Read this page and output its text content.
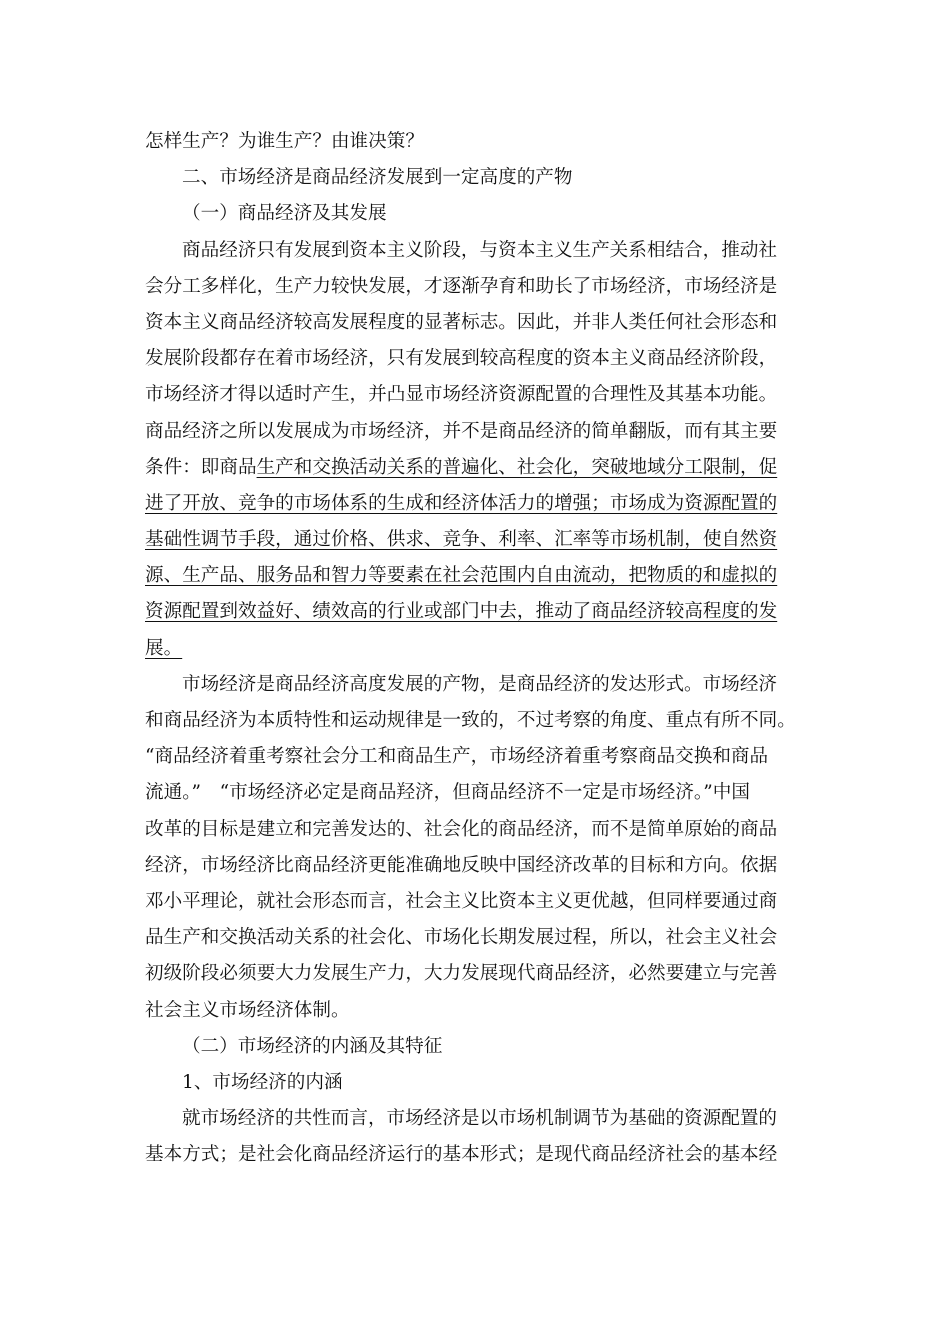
怎样生产？为谁生产？由谁决策？
二、市场经济是商品经济发展到一定高度的产物
（一）商品经济及其发展
商品经济只有发展到资本主义阶段，与资本主义生产关系相结合，推动社
会分工多样化，生产力较快发展，才逐渐孕育和助长了市场经济，市场经济是
资本主义商品经济较高发展程度的显著标志。因此，并非人类任何社会形态和
发展阶段都存在着市场经济，只有发展到较高程度的资本主义商品经济阶段，
市场经济才得以适时产生，并凸显市场经济资源配置的合理性及其基本功能。
商品经济之所以发展成为市场经济，并不是商品经济的简单翻版，而有其主要
条件：即商品生产和交换活动关系的普遍化、社会化，突破地域分工限制，促
进了开放、竞争的市场体系的生成和经济体活力的增强；市场成为资源配置的
基础性调节手段，通过价格、供求、竞争、利率、汇率等市场机制，使自然资
源、生产品、服务品和智力等要素在社会范围内自由流动，把物质的和虚拟的
资源配置到效益好、绩效高的行业或部门中去，推动了商品经济较高程度的发
展。
市场经济是商品经济高度发展的产物，是商品经济的发达形式。市场经济
和商品经济为本质特性和运动规律是一致的，不过考察的角度、重点有所不同。
“商品经济着重考察社会分工和商品生产，市场经济着重考察商品交换和商品
流通。”　“市场经济必定是商品羟济，但商品经济不一定是市场经济。”中国
改革的目标是建立和完善发达的、社会化的商品经济，而不是简单原始的商品
经济，市场经济比商品经济更能准确地反映中国经济改革的目标和方向。依据
邓小平理论，就社会形态而言，社会主义比资本主义更优越，但同样要通过商
品生产和交换活动关系的社会化、市场化长期发展过程，所以，社会主义社会
初级阶段必须要大力发展生产力，大力发展现代商品经济，必然要建立与完善
社会主义市场经济体制。
（二）市场经济的内涵及其特征
1、市场经济的内涵
就市场经济的共性而言，市场经济是以市场机制调节为基础的资源配置的
基本方式；是社会化商品经济运行的基本形式；是现代商品经济社会的基本经
